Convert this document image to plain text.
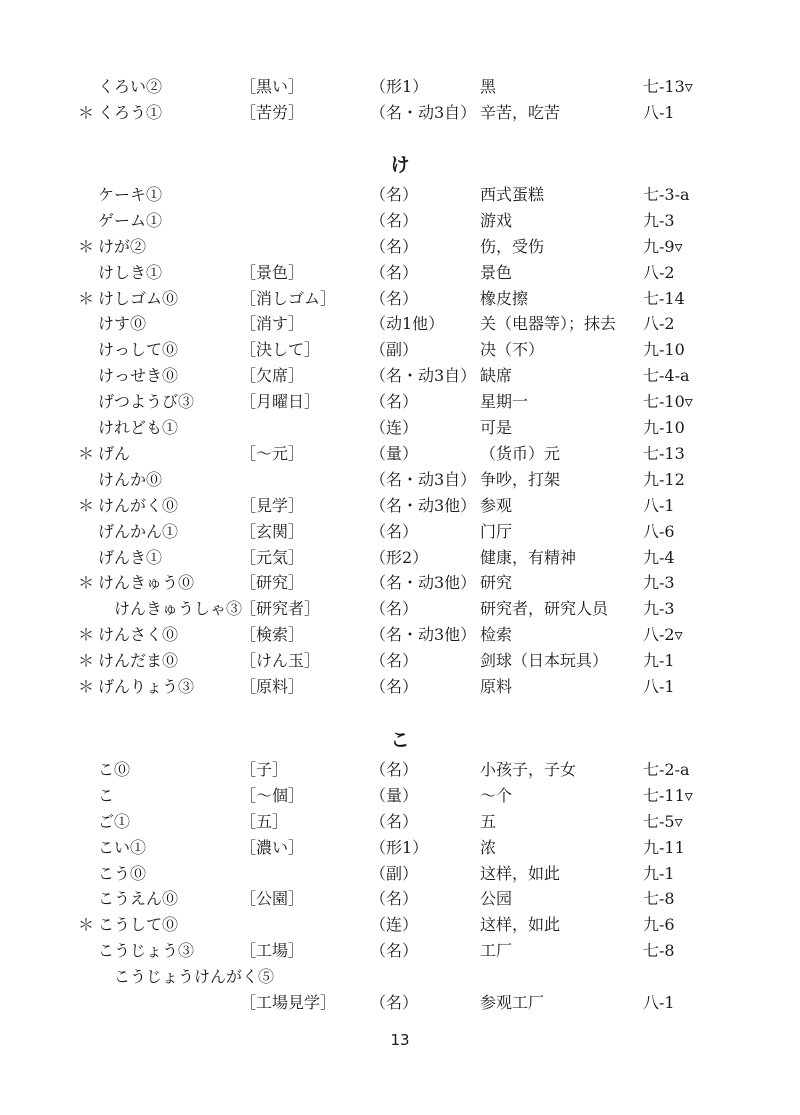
くろい②	［黒い］	（形1）	黑	七-13▿
＊ くろう①	［苦労］	（名・动3自） 辛苦，吃苦	八-1
け
ケーキ①	（名）	西式蛋糕	七-3-a
ゲーム①	（名）	游戏	九-3
＊ けが②	（名）	伤，受伤	九-9▿
けしき①	［景色］	（名）	景色	八-2
＊ けしゴム⓪	［消しゴム］ （名）	橡皮擦	七-14
けす⓪	［消す］	（动1他） 关（电器等）；抹去 八-2
けっして⓪	［決して］	（副）	决（不）	九-10
けっせき⓪	［欠席］	（名・动3自） 缺席	七-4-a
げつようび③	［月曜日］	（名）	星期一	七-10▿
けれども①	（连）	可是	九-10
＊ げん	［～元］	（量）	（货币）元	七-13
けんか⓪	（名・动3自） 争吵，打架	九-12
＊ けんがく⓪	［見学］	（名・动3他） 参观	八-1
げんかん①	［玄関］	（名）	门厅	八-6
げんき①	［元気］	（形2）	健康，有精神	九-4
＊ けんきゅう⓪	［研究］	（名・动3他） 研究	九-3
けんきゅうしゃ③
［研究者］	（名）	研究者，研究人员 九-3
＊ けんさく⓪	［検索］	（名・动3他） 检索	八-2▿
＊ けんだま⓪	［けん玉］	（名）	剑球（日本玩具） 九-1
＊ げんりょう③	［原料］	（名）	原料	八-1
こ
こ⓪	［子］	（名）	小孩子，子女	七-2-a
こ	［～個］	（量）	～个	七-11▿
ご①	［五］	（名）	五	七-5▿
こい①	［濃い］	（形1）	浓	九-11
こう⓪	（副）	这样，如此	九-1
こうえん⓪	［公園］	（名）	公园	七-8
＊ こうして⓪	（连）	这样，如此	九-6
こうじょう③	［工場］	（名）	工厂	七-8
こうじょうけんがく⑤
［工場見学］ （名）	参观工厂	八-1
13
